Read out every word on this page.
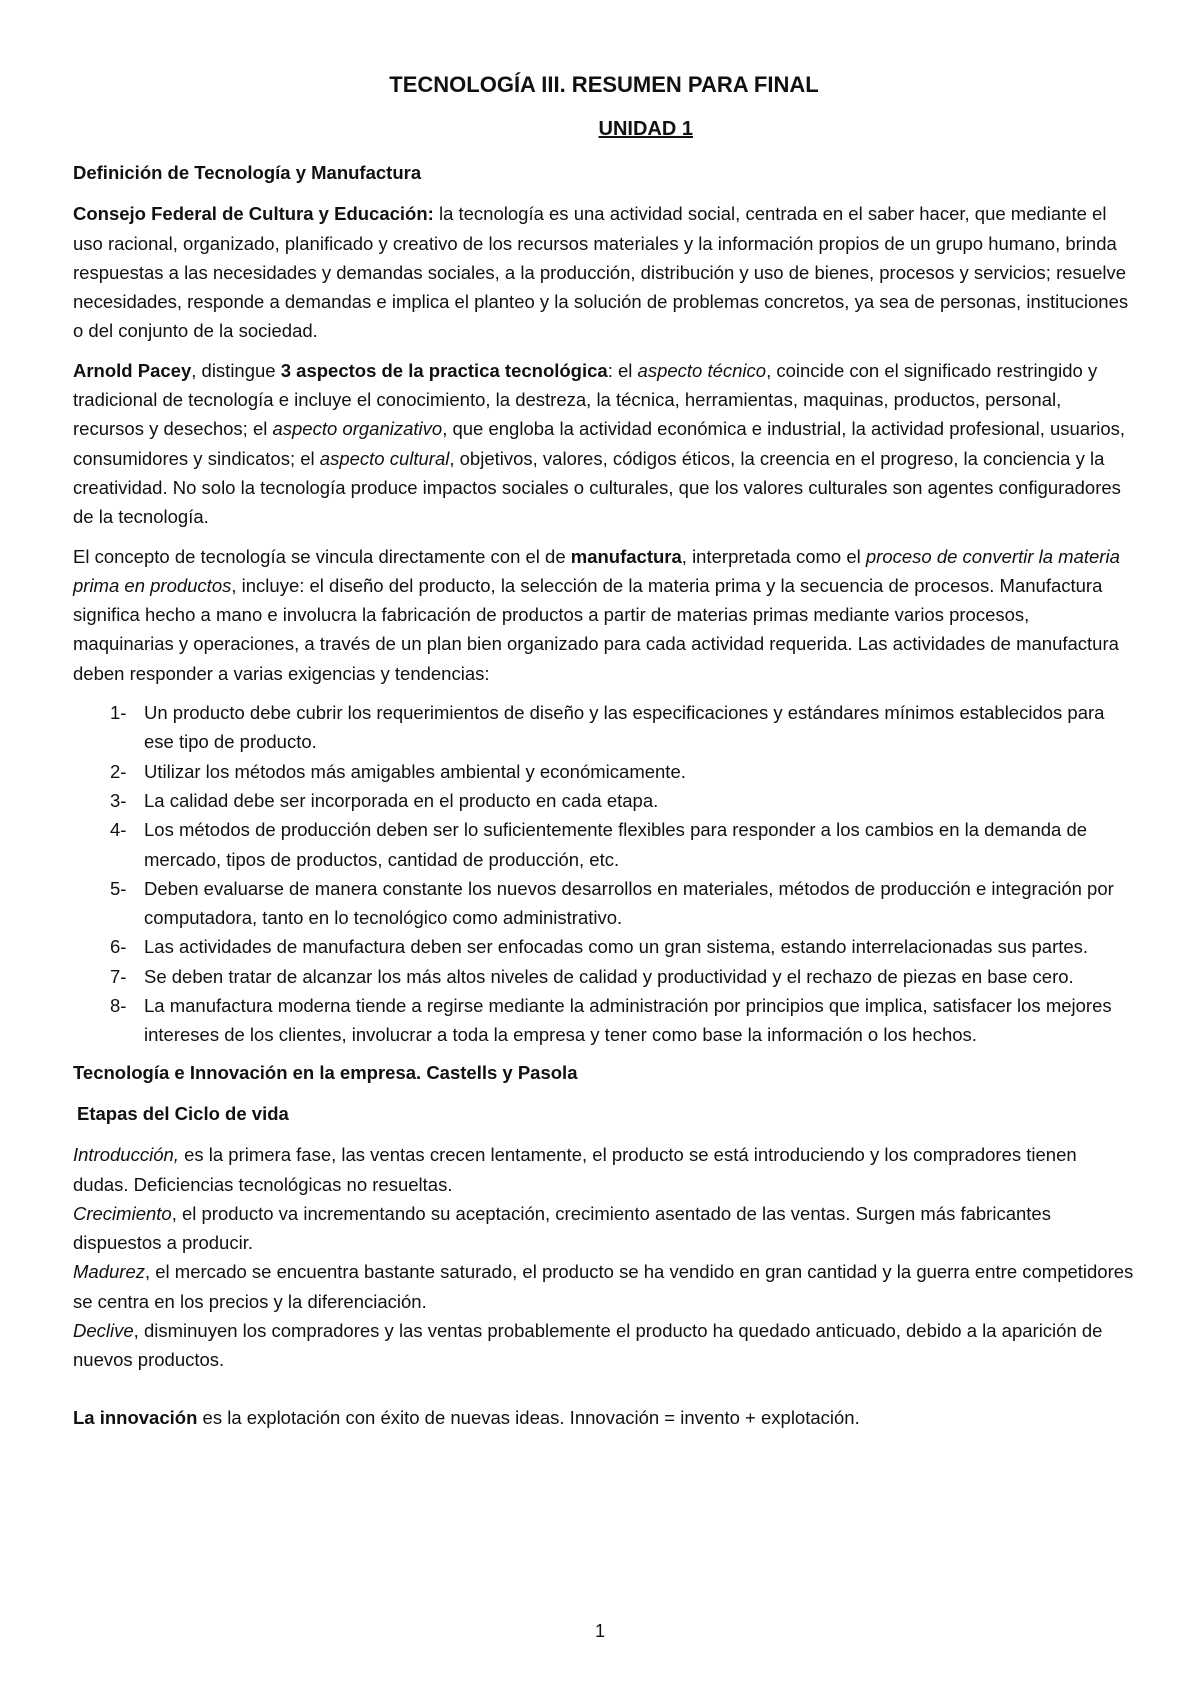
TECNOLOGÍA III. RESUMEN PARA FINAL
UNIDAD 1
Definición de Tecnología y Manufactura

Consejo Federal de Cultura y Educación: la tecnología es una actividad social, centrada en el saber hacer, que mediante el uso racional, organizado, planificado y creativo de los recursos materiales y la información propios de un grupo humano, brinda respuestas a las necesidades y demandas sociales, a la producción, distribución y uso de bienes, procesos y servicios; resuelve necesidades, responde a demandas e implica el planteo y la solución de problemas concretos, ya sea de personas, instituciones o del conjunto de la sociedad.

Arnold Pacey, distingue 3 aspectos de la practica tecnológica: el aspecto técnico, coincide con el significado restringido y tradicional de tecnología e incluye el conocimiento, la destreza, la técnica, herramientas, maquinas, productos, personal, recursos y desechos; el aspecto organizativo, que engloba la actividad económica e industrial, la actividad profesional, usuarios, consumidores y sindicatos; el aspecto cultural, objetivos, valores, códigos éticos, la creencia en el progreso, la conciencia y la creatividad. No solo la tecnología produce impactos sociales o culturales, que los valores culturales son agentes configuradores de la tecnología.

El concepto de tecnología se vincula directamente con el de manufactura, interpretada como el proceso de convertir la materia prima en productos, incluye: el diseño del producto, la selección de la materia prima y la secuencia de procesos. Manufactura significa hecho a mano e involucra la fabricación de productos a partir de materias primas mediante varios procesos, maquinarias y operaciones, a través de un plan bien organizado para cada actividad requerida. Las actividades de manufactura deben responder a varias exigencias y tendencias:

1- Un producto debe cubrir los requerimientos de diseño y las especificaciones y estándares mínimos establecidos para ese tipo de producto.
2- Utilizar los métodos más amigables ambiental y económicamente.
3- La calidad debe ser incorporada en el producto en cada etapa.
4- Los métodos de producción deben ser lo suficientemente flexibles para responder a los cambios en la demanda de mercado, tipos de productos, cantidad de producción, etc.
5- Deben evaluarse de manera constante los nuevos desarrollos en materiales, métodos de producción e integración por computadora, tanto en lo tecnológico como administrativo.
6- Las actividades de manufactura deben ser enfocadas como un gran sistema, estando interrelacionadas sus partes.
7- Se deben tratar de alcanzar los más altos niveles de calidad y productividad y el rechazo de piezas en base cero.
8- La manufactura moderna tiende a regirse mediante la administración por principios que implica, satisfacer los mejores intereses de los clientes, involucrar a toda la empresa y tener como base la información o los hechos.
Tecnología e Innovación en la empresa. Castells y Pasola
Etapas del Ciclo de vida

Introducción, es la primera fase, las ventas crecen lentamente, el producto se está introduciendo y los compradores tienen dudas. Deficiencias tecnológicas no resueltas.

Crecimiento, el producto va incrementando su aceptación, crecimiento asentado de las ventas. Surgen más fabricantes dispuestos a producir.

Madurez, el mercado se encuentra bastante saturado, el producto se ha vendido en gran cantidad y la guerra entre competidores se centra en los precios y la diferenciación.

Declive, disminuyen los compradores y las ventas probablemente el producto ha quedado anticuado, debido a la aparición de nuevos productos.

La innovación es la explotación con éxito de nuevas ideas. Innovación = invento + explotación.

1
